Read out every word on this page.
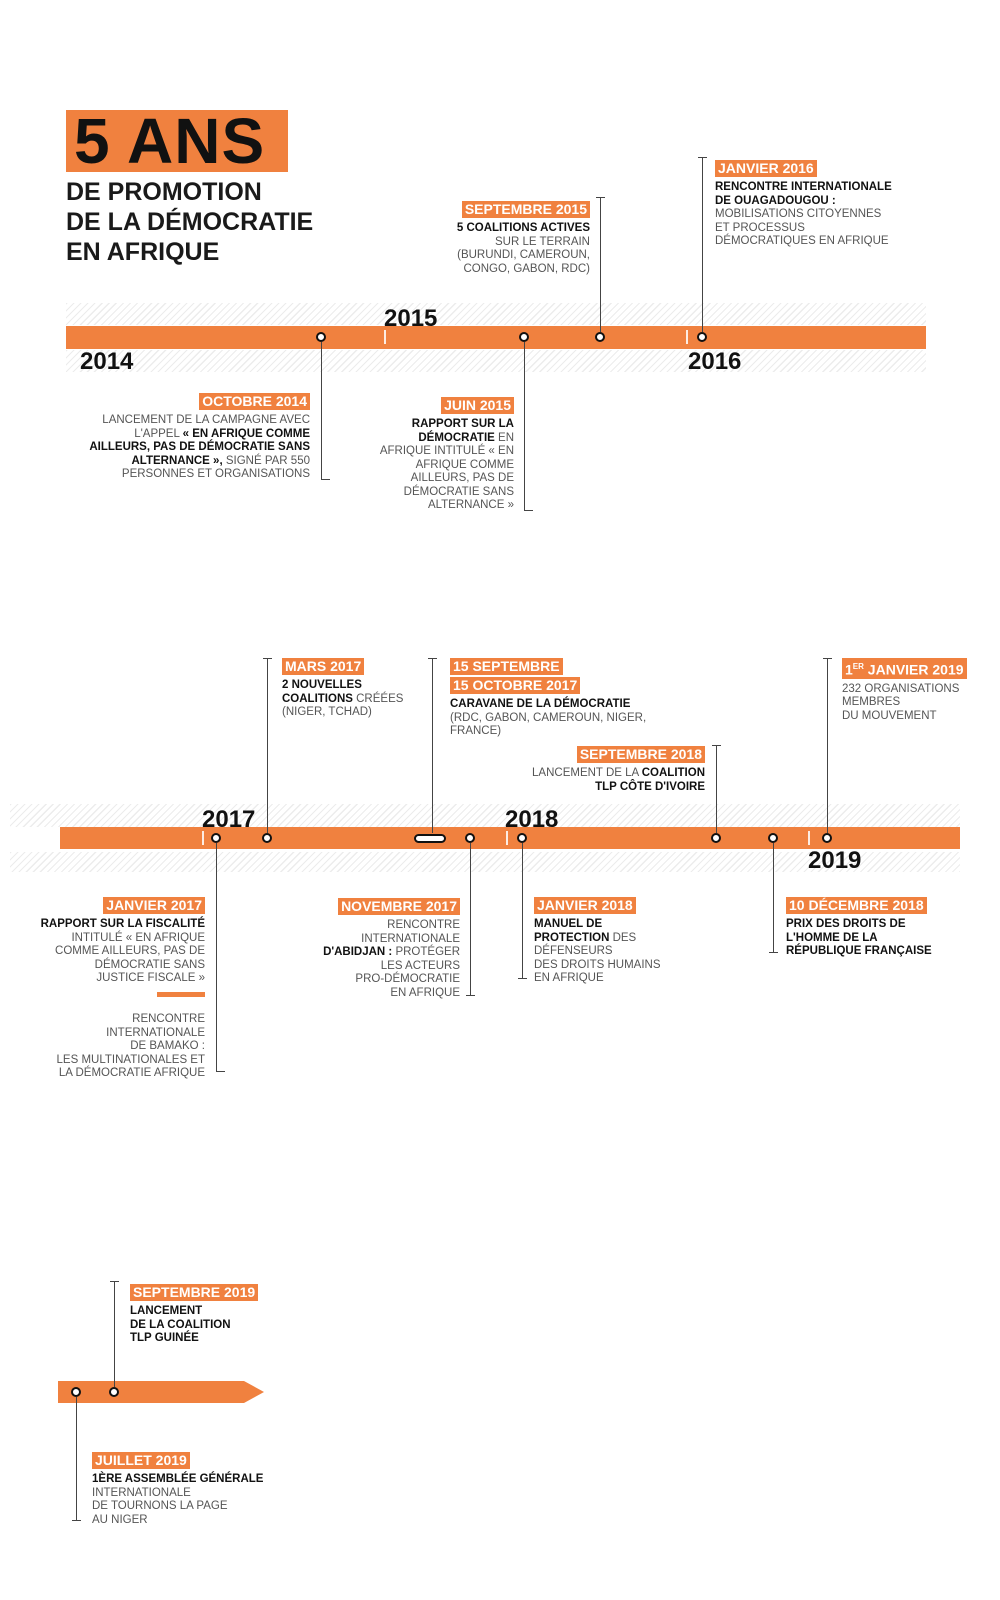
5 ANS
DE PROMOTION
DE LA DÉMOCRATIE
EN AFRIQUE
2015
2014	2016
OCTOBRE 2014
LANCEMENT DE LA CAMPAGNE AVEC
L'APPEL « EN AFRIQUE COMME
AILLEURS, PAS DE DÉMOCRATIE SANS
ALTERNANCE », SIGNÉ PAR 550
PERSONNES ET ORGANISATIONS
JUIN 2015
RAPPORT SUR LA
DÉMOCRATIE EN
AFRIQUE INTITULÉ « EN
AFRIQUE COMME
AILLEURS, PAS DE
DÉMOCRATIE SANS
ALTERNANCE »
SEPTEMBRE 2015
5 COALITIONS ACTIVES
SUR LE TERRAIN
(BURUNDI, CAMEROUN,
CONGO, GABON, RDC)
JANVIER 2016
RENCONTRE INTERNATIONALE
DE OUAGADOUGOU :
MOBILISATIONS CITOYENNES
ET PROCESSUS
DÉMOCRATIQUES EN AFRIQUE
2017	2018
2019
JANVIER 2017
RAPPORT SUR LA FISCALITÉ
INTITULÉ « EN AFRIQUE
COMME AILLEURS, PAS DE
DÉMOCRATIE SANS
JUSTICE FISCALE »

RENCONTRE
INTERNATIONALE
DE BAMAKO :
LES MULTINATIONALES ET
LA DÉMOCRATIE AFRIQUE
MARS 2017
2 NOUVELLES
COALITIONS CRÉÉES
(NIGER, TCHAD)
15 SEPTEMBRE
15 OCTOBRE 2017
CARAVANE DE LA DÉMOCRATIE
(RDC, GABON, CAMEROUN, NIGER,
FRANCE)
NOVEMBRE 2017
RENCONTRE
INTERNATIONALE
D'ABIDJAN : PROTÉGER
LES ACTEURS
PRO-DÉMOCRATIE
EN AFRIQUE
JANVIER 2018
MANUEL DE
PROTECTION DES
DÉFENSEURS
DES DROITS HUMAINS
EN AFRIQUE
SEPTEMBRE 2018
LANCEMENT DE LA COALITION
TLP CÔTE D'IVOIRE
10 DÉCEMBRE 2018
PRIX DES DROITS DE
L'HOMME DE LA
RÉPUBLIQUE FRANÇAISE
1ER JANVIER 2019
232 ORGANISATIONS
MEMBRES
DU MOUVEMENT
SEPTEMBRE 2019
LANCEMENT
DE LA COALITION
TLP GUINÉE
JUILLET 2019
1ÈRE ASSEMBLÉE GÉNÉRALE
INTERNATIONALE
DE TOURNONS LA PAGE
AU NIGER
